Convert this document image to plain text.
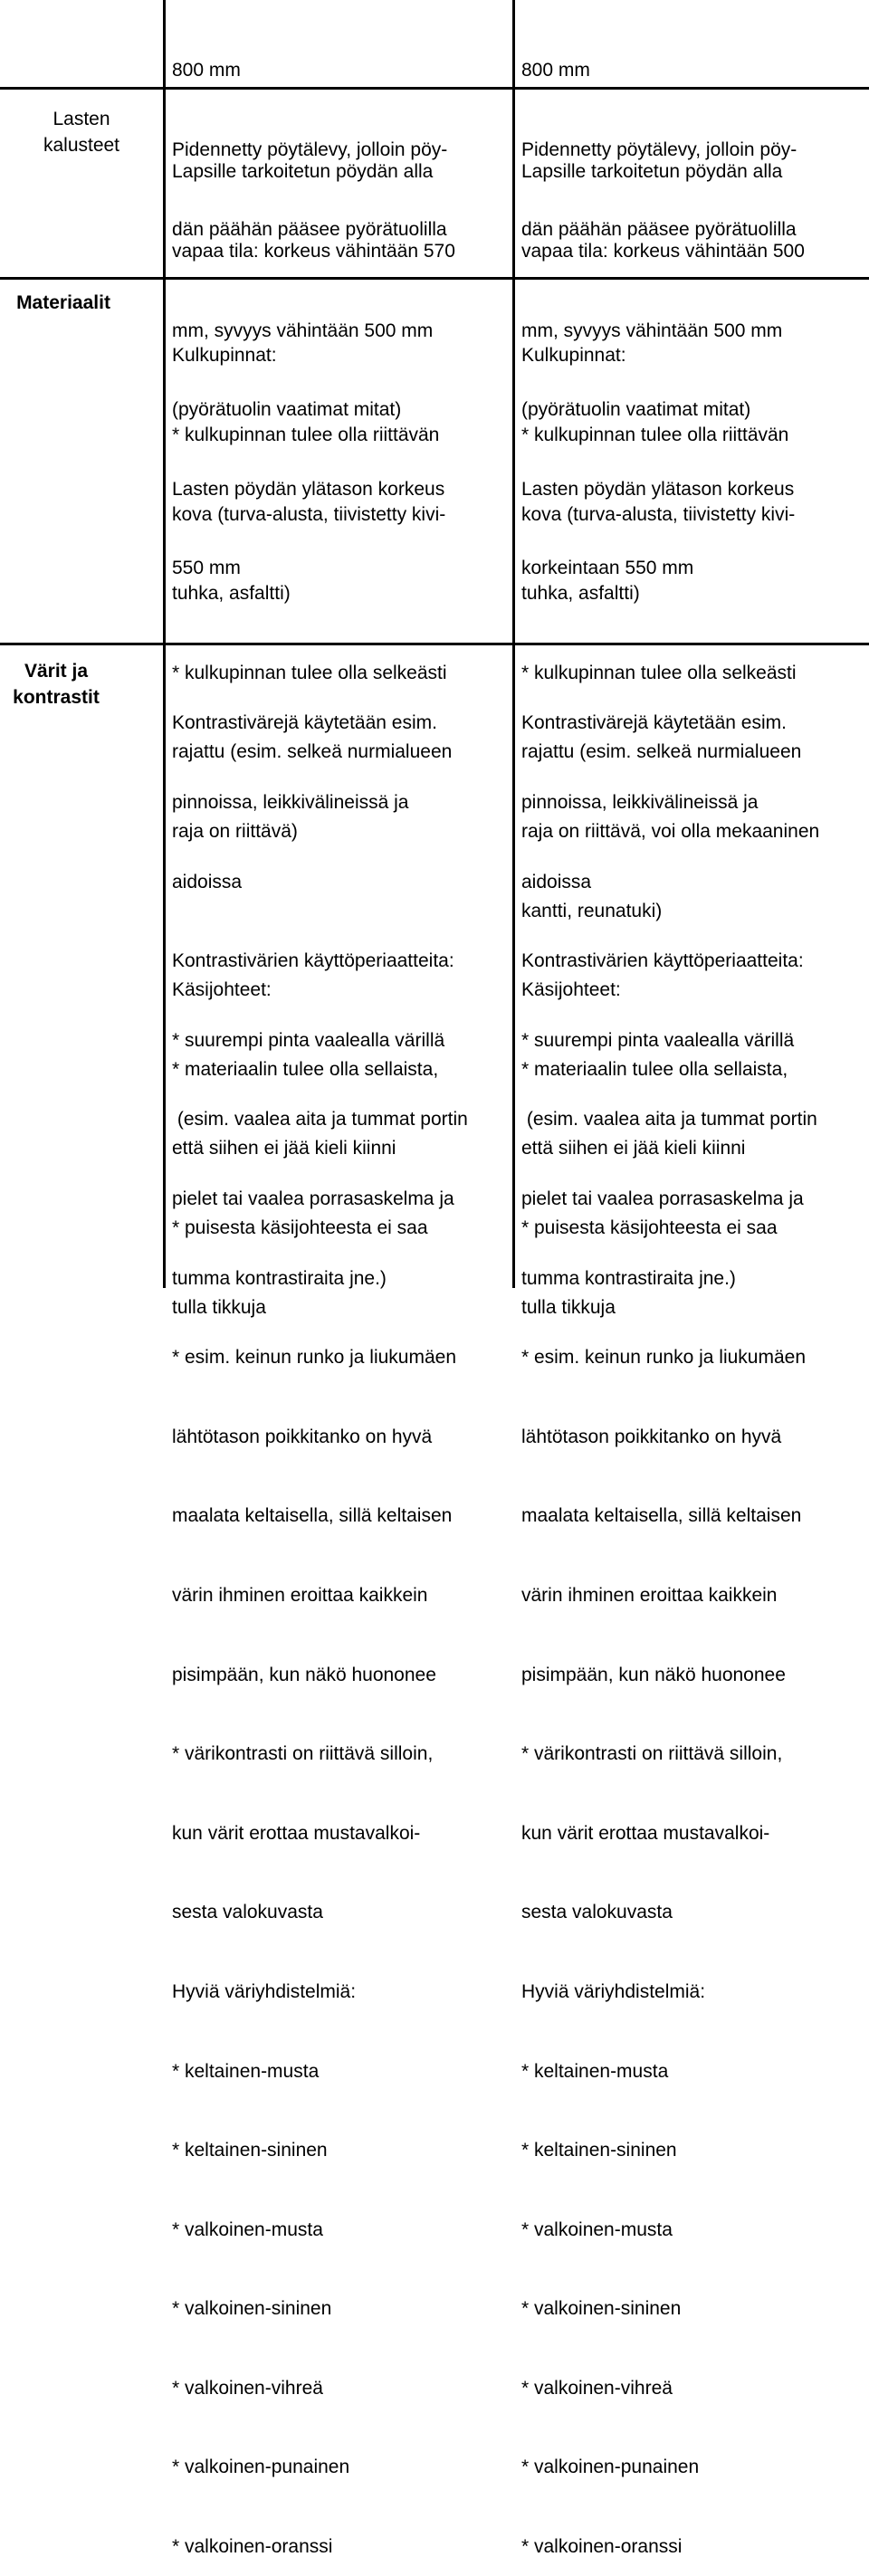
800 mm

Pidennetty pöytälevy, jolloin pöy-

dän päähän pääsee pyörätuolilla

800 mm

Pidennetty pöytälevy, jolloin pöy-

dän päähän pääsee pyörätuolilla

Lasten
kalusteet

Lapsille tarkoitetun pöydän alla

vapaa tila: korkeus vähintään 570

mm, syvyys vähintään 500 mm

(pyörätuolin vaatimat mitat)

Lasten pöydän ylätason korkeus

550 mm

Lapsille tarkoitetun pöydän alla

vapaa tila: korkeus vähintään 500

mm, syvyys vähintään 500 mm

(pyörätuolin vaatimat mitat)

Lasten pöydän ylätason korkeus

korkeintaan 550 mm

Materiaalit

Kulkupinnat:

* kulkupinnan tulee olla riittävän

kova (turva-alusta, tiivistetty kivi-

tuhka, asfaltti)

* kulkupinnan tulee olla selkeästi

rajattu (esim. selkeä nurmialueen

raja on riittävä)

Käsijohteet:

* materiaalin tulee olla sellaista,

että siihen ei jää kieli kiinni

* puisesta käsijohteesta ei saa

tulla tikkuja

Kulkupinnat:

* kulkupinnan tulee olla riittävän

kova (turva-alusta, tiivistetty kivi-

tuhka, asfaltti)

* kulkupinnan tulee olla selkeästi

rajattu (esim. selkeä nurmialueen

raja on riittävä, voi olla mekaaninen

kantti, reunatuki)

Käsijohteet:

* materiaalin tulee olla sellaista,

että siihen ei jää kieli kiinni

* puisesta käsijohteesta ei saa

tulla tikkuja

Värit ja
kontrastit

Kontrastivärejä käytetään esim.

pinnoissa, leikkivälineissä ja

aidoissa

Kontrastivärien käyttöperiaatteita:

* suurempi pinta vaalealla värillä

(esim. vaalea aita ja tummat portin

pielet tai vaalea porrasaskelma ja

tumma kontrastiraita jne.)

* esim. keinun runko ja liukumäen

lähtötason poikkitanko on hyvä

maalata keltaisella, sillä keltaisen

värin ihminen eroittaa kaikkein

pisimpään, kun näkö huononee

* värikontrasti on riittävä silloin,

kun värit erottaa mustavalkoi-

sesta valokuvasta

Hyviä väriyhdistelmiä:

* keltainen-musta

* keltainen-sininen

* valkoinen-musta

* valkoinen-sininen

* valkoinen-vihreä

* valkoinen-punainen

* valkoinen-oranssi

Kontrastivärejä käytetään esim.

pinnoissa, leikkivälineissä ja

aidoissa

Kontrastivärien käyttöperiaatteita:

* suurempi pinta vaalealla värillä

(esim. vaalea aita ja tummat portin

pielet tai vaalea porrasaskelma ja

tumma kontrastiraita jne.)

* esim. keinun runko ja liukumäen

lähtötason poikkitanko on hyvä

maalata keltaisella, sillä keltaisen

värin ihminen eroittaa kaikkein

pisimpään, kun näkö huononee

* värikontrasti on riittävä silloin,

kun värit erottaa mustavalkoi-

sesta valokuvasta

Hyviä väriyhdistelmiä:

* keltainen-musta

* keltainen-sininen

* valkoinen-musta

* valkoinen-sininen

* valkoinen-vihreä

* valkoinen-punainen

* valkoinen-oranssi
